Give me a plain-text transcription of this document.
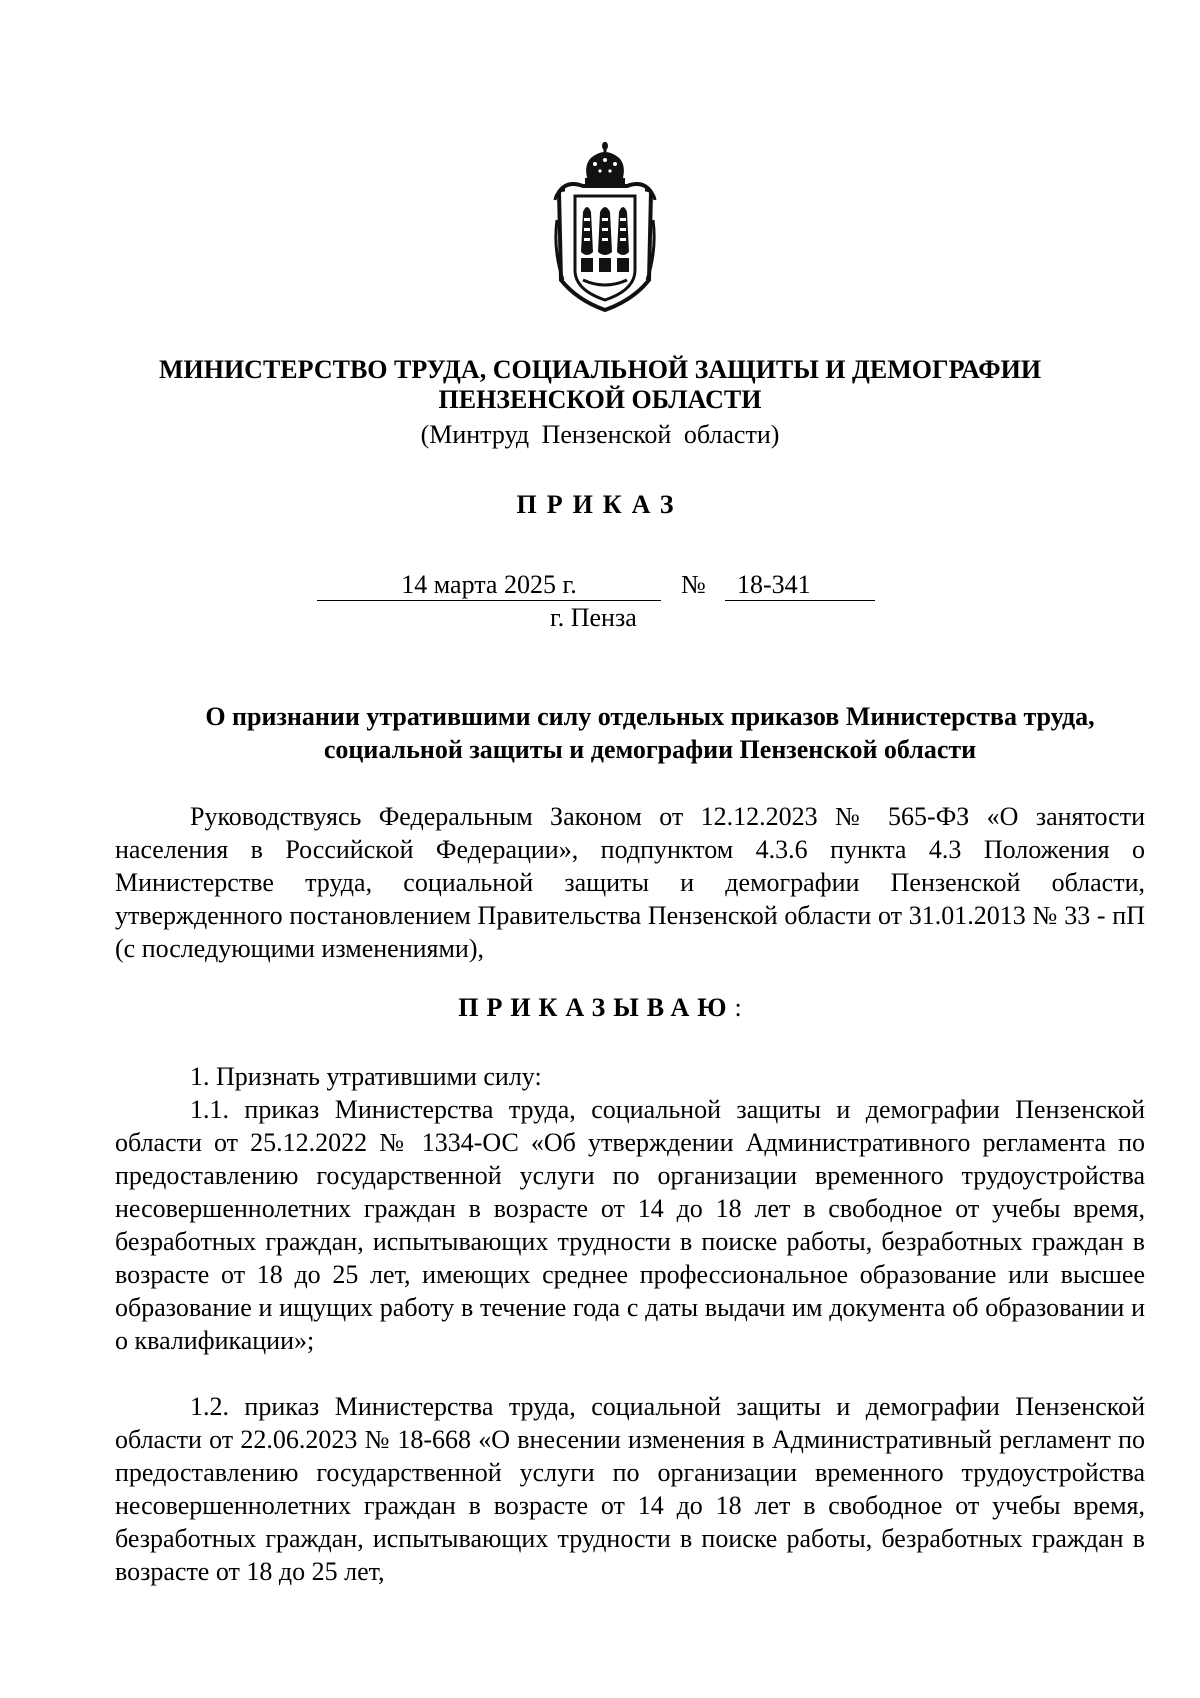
МИНИСТЕРСТВО ТРУДА, СОЦИАЛЬНОЙ ЗАЩИТЫ И ДЕМОГРАФИИ
ПЕНЗЕНСКОЙ ОБЛАСТИ
(Минтруд Пензенской области)
ПРИКАЗ
14 марта 2025 г.	№	18-341
г. Пенза
О признании утратившими силу отдельных приказов Министерства труда, социальной защиты и демографии Пензенской области

Руководствуясь Федеральным Законом от 12.12.2023 № 565-ФЗ «О занятости населения в Российской Федерации», подпунктом 4.3.6 пункта 4.3 Положения о Министерстве труда, социальной защиты и демографии Пензенской области, утвержденного постановлением Правительства Пензенской области от 31.01.2013 № 33 - пП (с последующими изменениями),

ПРИКАЗЫВАЮ:

1. Признать утратившими силу:

1.1. приказ Министерства труда, социальной защиты и демографии Пензенской области от 25.12.2022 № 1334-ОС «Об утверждении Административного регламента по предоставлению государственной услуги по организации временного трудоустройства несовершеннолетних граждан в возрасте от 14 до 18 лет в свободное от учебы время, безработных граждан, испытывающих трудности в поиске работы, безработных граждан в возрасте от 18 до 25 лет, имеющих среднее профессиональное образование или высшее образование и ищущих работу в течение года с даты выдачи им документа об образовании и о квалификации»;

1.2. приказ Министерства труда, социальной защиты и демографии Пензенской области от 22.06.2023 № 18-668 «О внесении изменения в Административный регламент по предоставлению государственной услуги по организации временного трудоустройства несовершеннолетних граждан в возрасте от 14 до 18 лет в свободное от учебы время, безработных граждан, испытывающих трудности в поиске работы, безработных граждан в возрасте от 18 до 25 лет,
